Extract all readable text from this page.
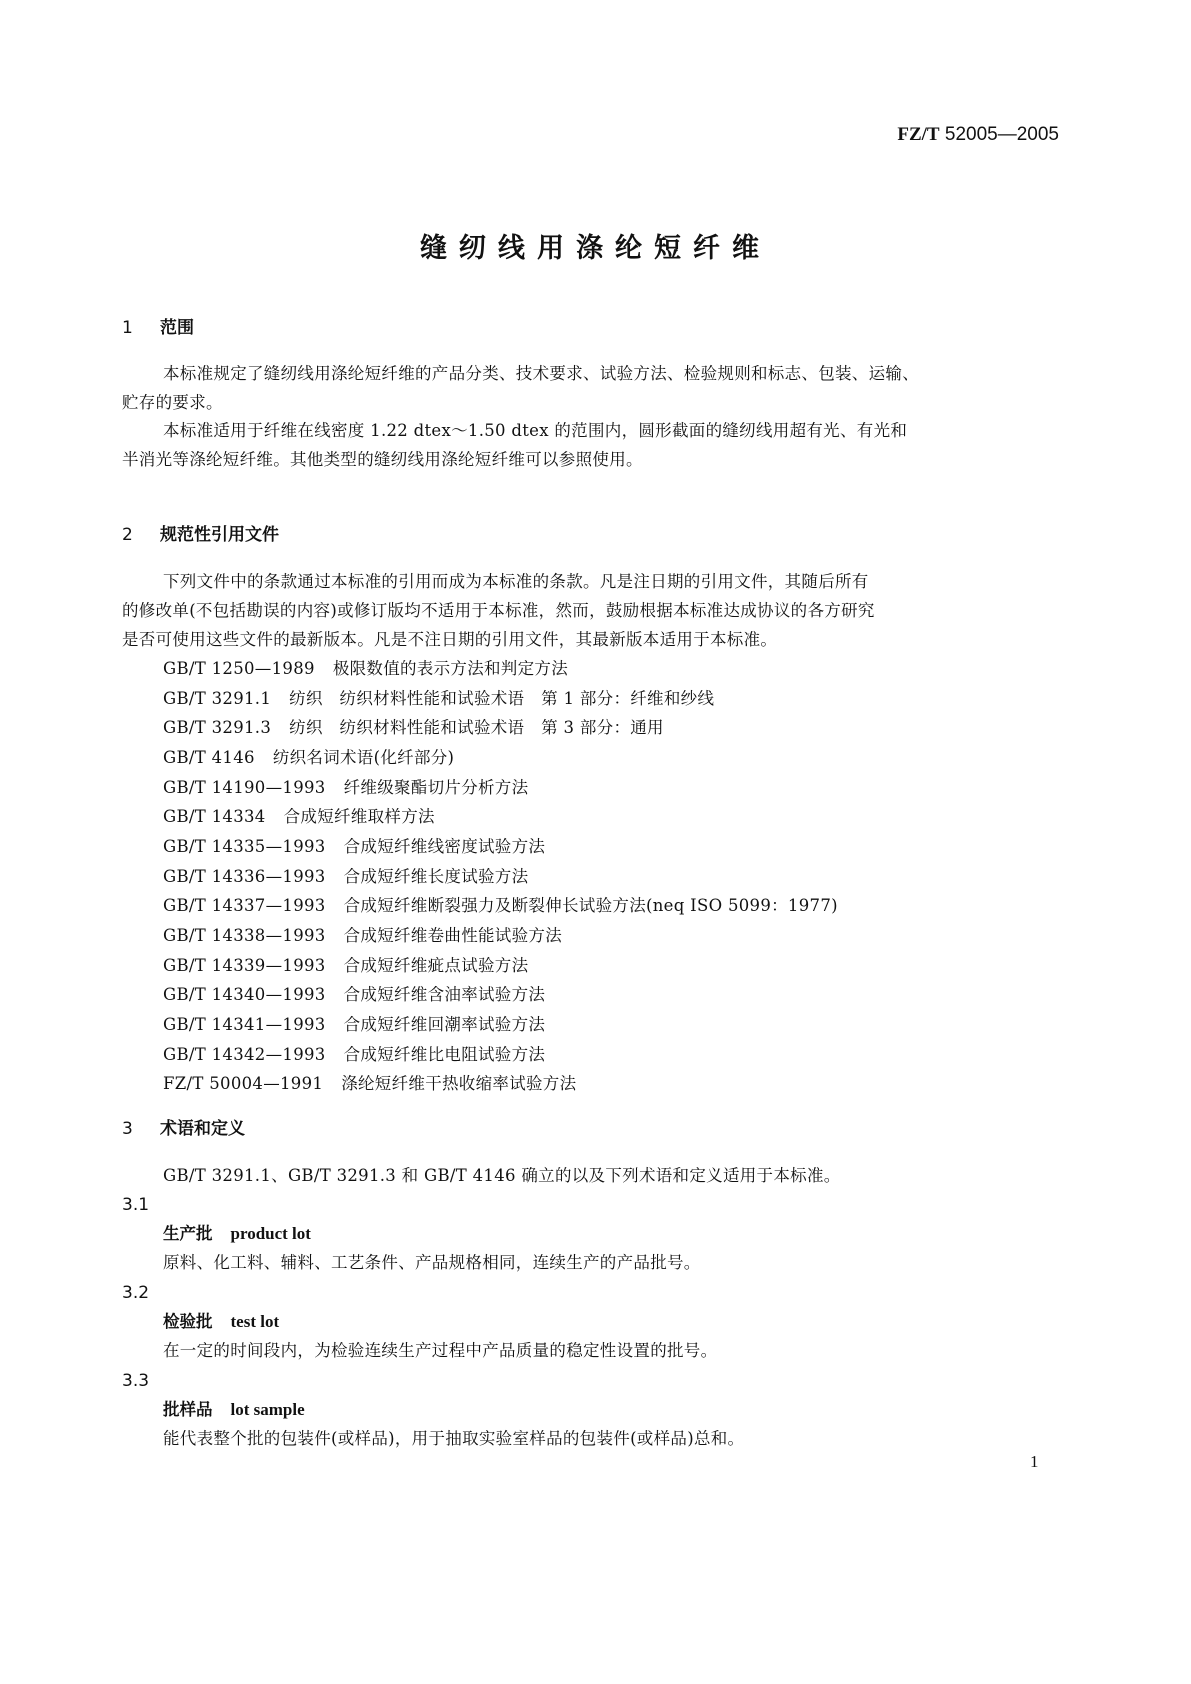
FZ/T 52005—2005
缝纫线用涤纶短纤维
1 范围
本标准规定了缝纫线用涤纶短纤维的产品分类、技术要求、试验方法、检验规则和标志、包装、运输、
贮存的要求。
本标准适用于纤维在线密度 1.22 dtex～1.50 dtex 的范围内，圆形截面的缝纫线用超有光、有光和
半消光等涤纶短纤维。其他类型的缝纫线用涤纶短纤维可以参照使用。
2 规范性引用文件
下列文件中的条款通过本标准的引用而成为本标准的条款。凡是注日期的引用文件，其随后所有
的修改单(不包括勘误的内容)或修订版均不适用于本标准，然而，鼓励根据本标准达成协议的各方研究
是否可使用这些文件的最新版本。凡是不注日期的引用文件，其最新版本适用于本标准。
GB/T 1250—1989 极限数值的表示方法和判定方法
GB/T 3291.1 纺织　纺织材料性能和试验术语　第 1 部分：纤维和纱线
GB/T 3291.3 纺织　纺织材料性能和试验术语　第 3 部分：通用
GB/T 4146 纺织名词术语(化纤部分)
GB/T 14190—1993 纤维级聚酯切片分析方法
GB/T 14334 合成短纤维取样方法
GB/T 14335—1993 合成短纤维线密度试验方法
GB/T 14336—1993 合成短纤维长度试验方法
GB/T 14337—1993 合成短纤维断裂强力及断裂伸长试验方法(neq ISO 5099：1977)
GB/T 14338—1993 合成短纤维卷曲性能试验方法
GB/T 14339—1993 合成短纤维疵点试验方法
GB/T 14340—1993 合成短纤维含油率试验方法
GB/T 14341—1993 合成短纤维回潮率试验方法
GB/T 14342—1993 合成短纤维比电阻试验方法
FZ/T 50004—1991 涤纶短纤维干热收缩率试验方法
3 术语和定义
GB/T 3291.1、GB/T 3291.3 和 GB/T 4146 确立的以及下列术语和定义适用于本标准。
3.1
生产批 product lot
原料、化工料、辅料、工艺条件、产品规格相同，连续生产的产品批号。
3.2
检验批 test lot
在一定的时间段内，为检验连续生产过程中产品质量的稳定性设置的批号。
3.3
批样品 lot sample
能代表整个批的包装件(或样品)，用于抽取实验室样品的包装件(或样品)总和。
1
